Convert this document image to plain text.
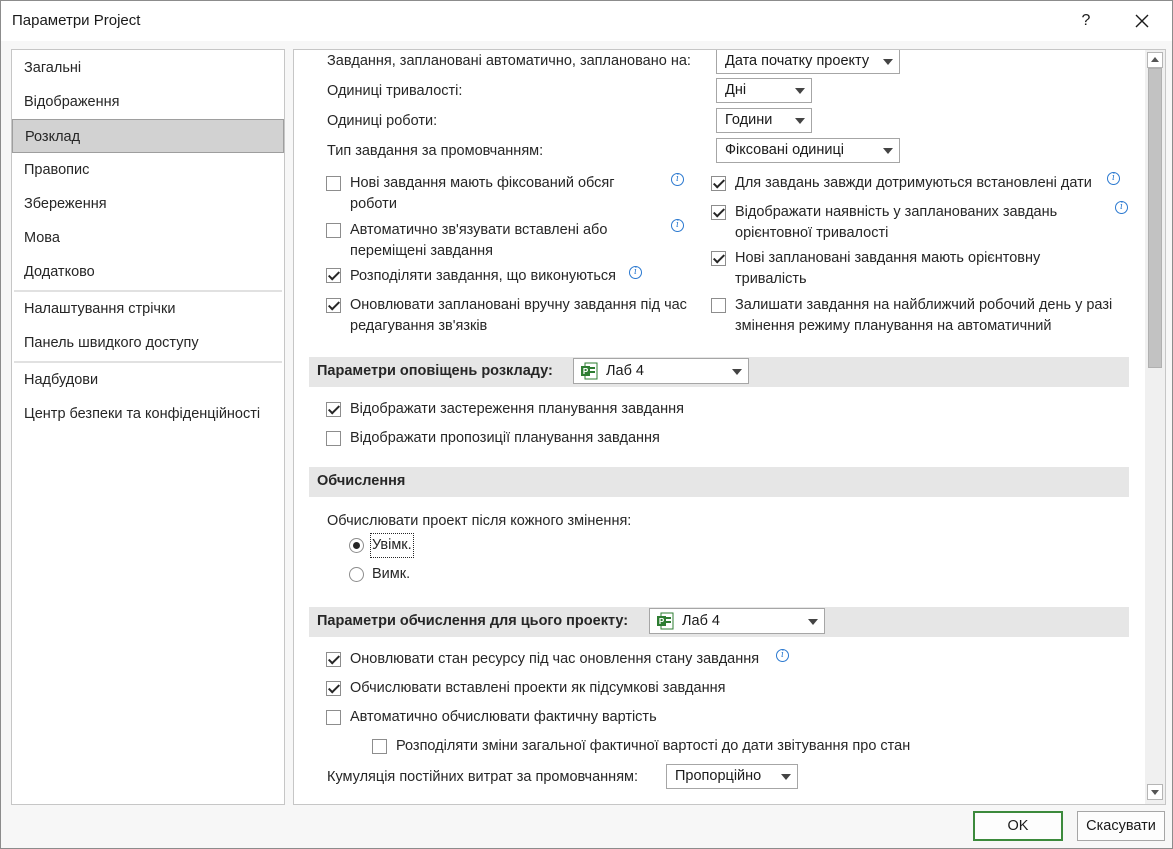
Параметри Project	?
Загальні
Відображення
Розклад
Правопис
Збереження
Мова
Додатково
Налаштування стрічки
Панель швидкого доступу
Надбудови
Центр безпеки та конфіденційності
Завдання, заплановані автоматично, заплановано на:	Дата початку проекту
Одиниці тривалості:	Дні
Одиниці роботи:	Години
Тип завдання за промовчанням:	Фіксовані одиниці
Нові завдання мають фіксований обсяг роботи
i
Автоматично зв'язувати вставлені або переміщені завдання
i
Розподіляти завдання, що виконуються	i
Оновлювати заплановані вручну завдання під час редагування зв'язків
Для завдань завжди дотримуються встановлені дати	i
Відображати наявність у запланованих завдань орієнтовної тривалості
i
Нові заплановані завдання мають орієнтовну тривалість
Залишати завдання на найближчий робочий день у разі змінення режиму планування на автоматичний
Параметри оповіщень розкладу:	P Лаб 4
Відображати застереження планування завдання
Відображати пропозиції планування завдання
Обчислення
Обчислювати проект після кожного змінення:
Увімк.
Вимк.
Параметри обчислення для цього проекту:	P Лаб 4
Оновлювати стан ресурсу під час оновлення стану завдання	i
Обчислювати вставлені проекти як підсумкові завдання
Автоматично обчислювати фактичну вартість
Розподіляти зміни загальної фактичної вартості до дати звітування про стан
Кумуляція постійних витрат за промовчанням:	Пропорційно
OK	Скасувати
